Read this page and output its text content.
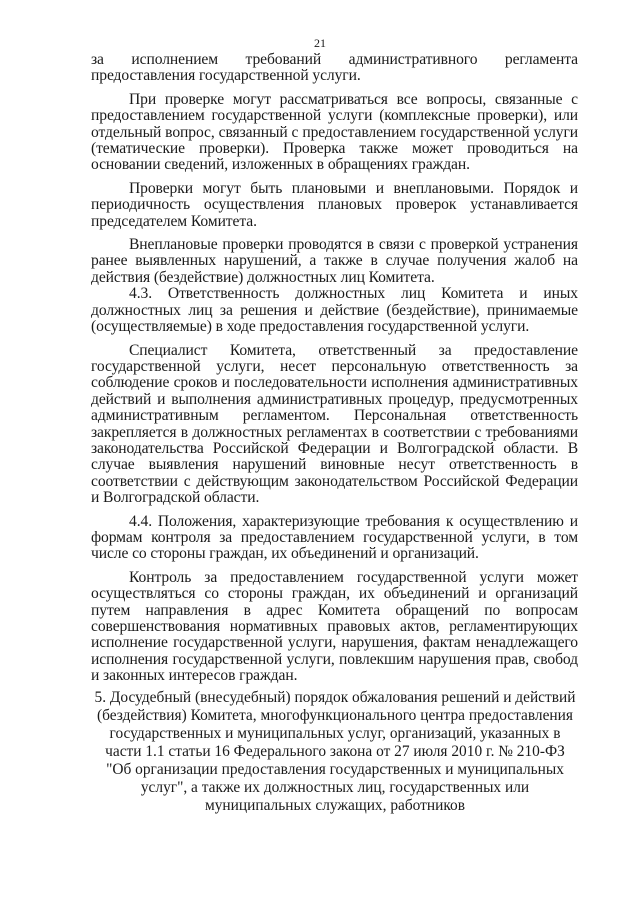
21

за исполнением требований административного регламента предоставления государственной услуги.

При проверке могут рассматриваться все вопросы, связанные с предоставлением государственной услуги (комплексные проверки), или отдельный вопрос, связанный с предоставлением государственной услуги (тематические проверки). Проверка также может проводиться на основании сведений, изложенных в обращениях граждан.

Проверки могут быть плановыми и внеплановыми. Порядок и периодичность осуществления плановых проверок устанавливается председателем Комитета.

Внеплановые проверки проводятся в связи с проверкой устранения ранее выявленных нарушений, а также в случае получения жалоб на действия (бездействие) должностных лиц Комитета.

4.3. Ответственность должностных лиц Комитета и иных должностных лиц за решения и действие (бездействие), принимаемые (осуществляемые) в ходе предоставления государственной услуги.

Специалист Комитета, ответственный за предоставление государственной услуги, несет персональную ответственность за соблюдение сроков и последовательности исполнения административных действий и выполнения административных процедур, предусмотренных административным регламентом. Персональная ответственность закрепляется в должностных регламентах в соответствии с требованиями законодательства Российской Федерации и Волгоградской области. В случае выявления нарушений виновные несут ответственность в соответствии с действующим законодательством Российской Федерации и Волгоградской области.

4.4. Положения, характеризующие требования к осуществлению и формам контроля за предоставлением государственной услуги, в том числе со стороны граждан, их объединений и организаций.

Контроль за предоставлением государственной услуги может осуществляться со стороны граждан, их объединений и организаций путем направления в адрес Комитета обращений по вопросам совершенствования нормативных правовых актов, регламентирующих исполнение государственной услуги, нарушения, фактам ненадлежащего исполнения государственной услуги, повлекшим нарушения прав, свобод и законных интересов граждан.

5. Досудебный (внесудебный) порядок обжалования решений и действий (бездействия) Комитета, многофункционального центра предоставления государственных и муниципальных услуг, организаций, указанных в части 1.1 статьи 16 Федерального закона от 27 июля 2010 г. № 210-ФЗ "Об организации предоставления государственных и муниципальных услуг", а также их должностных лиц, государственных или муниципальных служащих, работников
